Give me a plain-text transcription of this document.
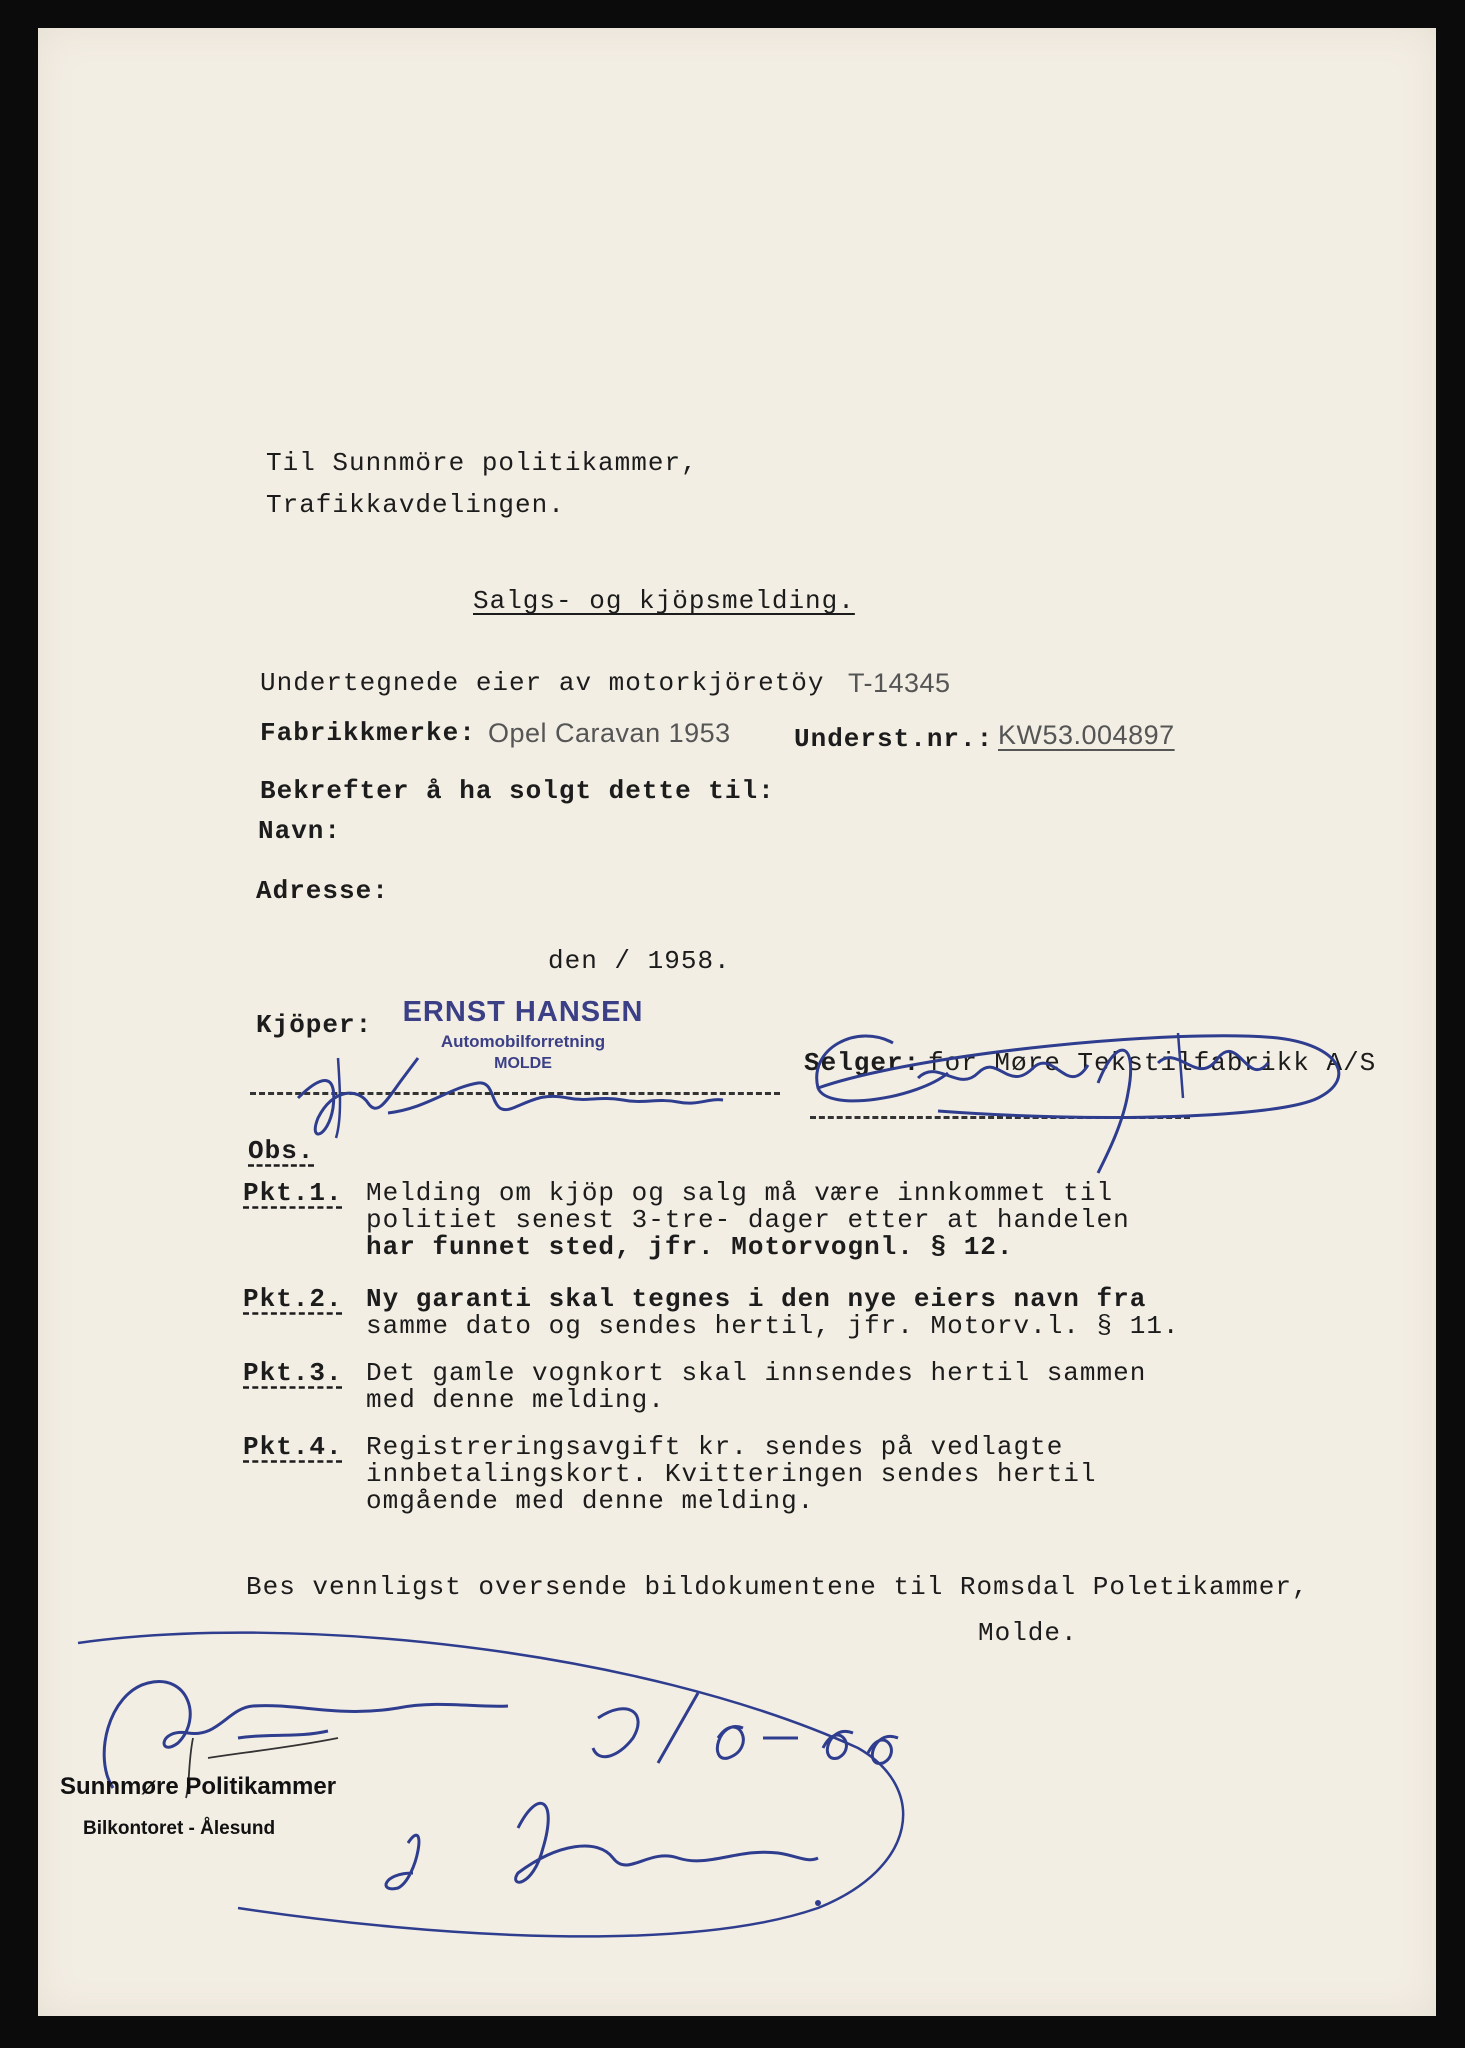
Til Sunnmöre politikammer,
Trafikkavdelingen.
Salgs- og kjöpsmelding.
Undertegnede eier av motorkjöretöy T-14345
Fabrikkmerke: Opel Caravan 1953 Underst.nr.: KW53.004897
Bekrefter å ha solgt dette til:
Navn:
Adresse:
den / 1958.
Kjöper:	ERNST HANSEN
Automobilforretning
MOLDE	Selger: for Møre Tekstilfabrikk A/S
Obs.
Pkt.1. Melding om kjöp og salg må være innkommet til
politiet senest 3-tre- dager etter at handelen
har funnet sted, jfr. Motorvognl. § 12.
Pkt.2. Ny garanti skal tegnes i den nye eiers navn fra
samme dato og sendes hertil, jfr. Motorv.l. § 11.
Pkt.3. Det gamle vognkort skal innsendes hertil sammen
med denne melding.
Pkt.4. Registreringsavgift kr. sendes på vedlagte
innbetalingskort. Kvitteringen sendes hertil
omgående med denne melding.
Bes vennligst oversende bildokumentene til Romsdal Poletikammer,
Molde.
Sunnmøre Politikammer
Bilkontoret - Ålesund
